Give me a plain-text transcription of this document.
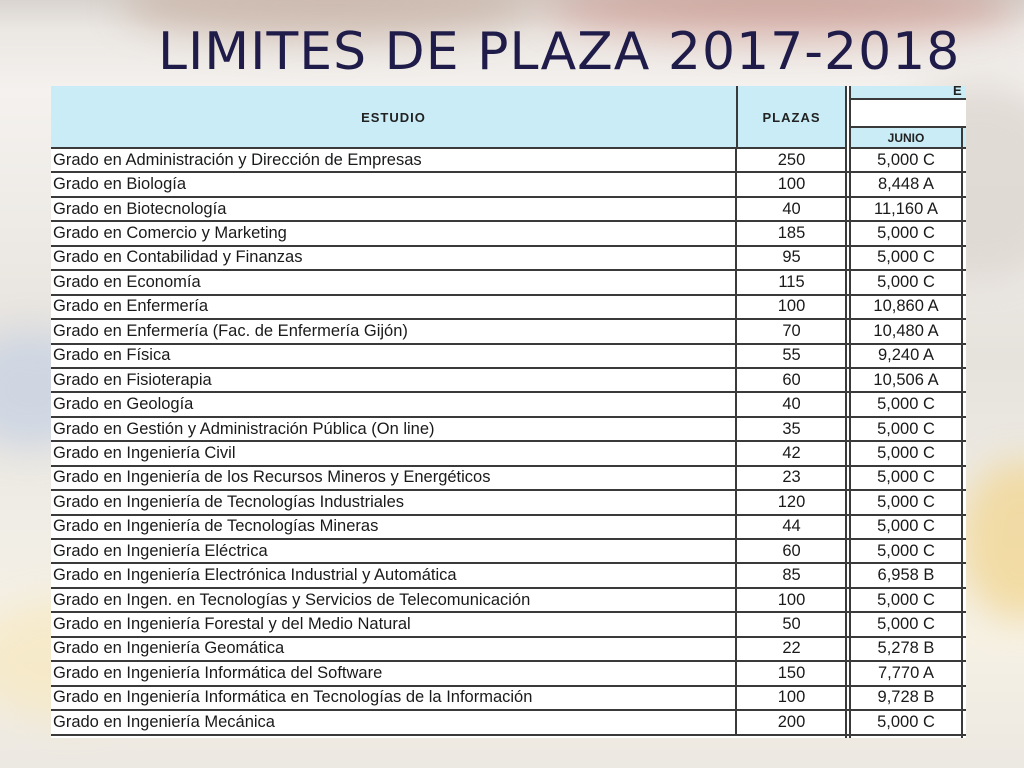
LIMITES DE PLAZA 2017-2018
ESTUDIO	PLAZAS
E
JUNIO
Grado en Administración y Dirección de Empresas	250	5,000 C
Grado en Biología	100	8,448 A
Grado en Biotecnología	40	11,160 A
Grado en Comercio y Marketing	185	5,000 C
Grado en Contabilidad y Finanzas	95	5,000 C
Grado en Economía	115	5,000 C
Grado en Enfermería	100	10,860 A
Grado en Enfermería (Fac. de Enfermería Gijón)	70	10,480 A
Grado en Física	55	9,240 A
Grado en Fisioterapia	60	10,506 A
Grado en Geología	40	5,000 C
Grado en Gestión y Administración Pública (On line)	35	5,000 C
Grado en Ingeniería Civil	42	5,000 C
Grado en Ingeniería de los Recursos Mineros y Energéticos	23	5,000 C
Grado en Ingeniería de Tecnologías Industriales	120	5,000 C
Grado en Ingeniería de Tecnologías Mineras	44	5,000 C
Grado en Ingeniería Eléctrica	60	5,000 C
Grado en Ingeniería Electrónica Industrial y Automática	85	6,958 B
Grado en Ingen. en Tecnologías y Servicios de Telecomunicación	100	5,000 C
Grado en Ingeniería Forestal y del Medio Natural	50	5,000 C
Grado en Ingeniería Geomática	22	5,278 B
Grado en Ingeniería Informática del Software	150	7,770 A
Grado en Ingeniería Informática en Tecnologías de la Información	100	9,728 B
Grado en Ingeniería Mecánica	200	5,000 C
